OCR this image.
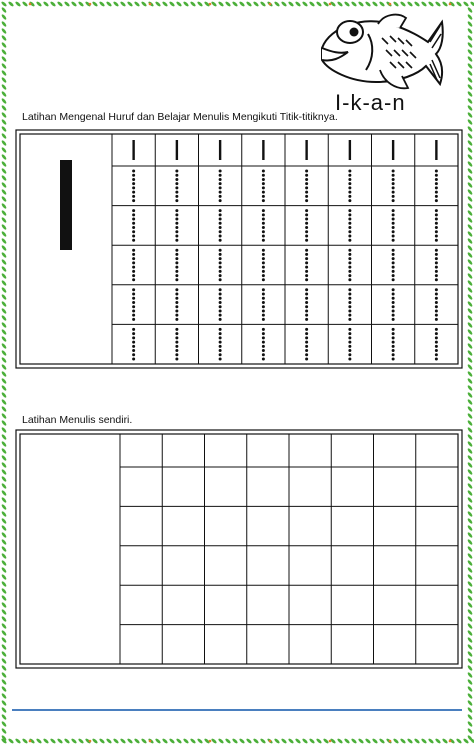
I-k-a-n
Latihan Mengenal Huruf dan Belajar Menulis Mengikuti Titik-titiknya.
Latihan Menulis sendiri.
